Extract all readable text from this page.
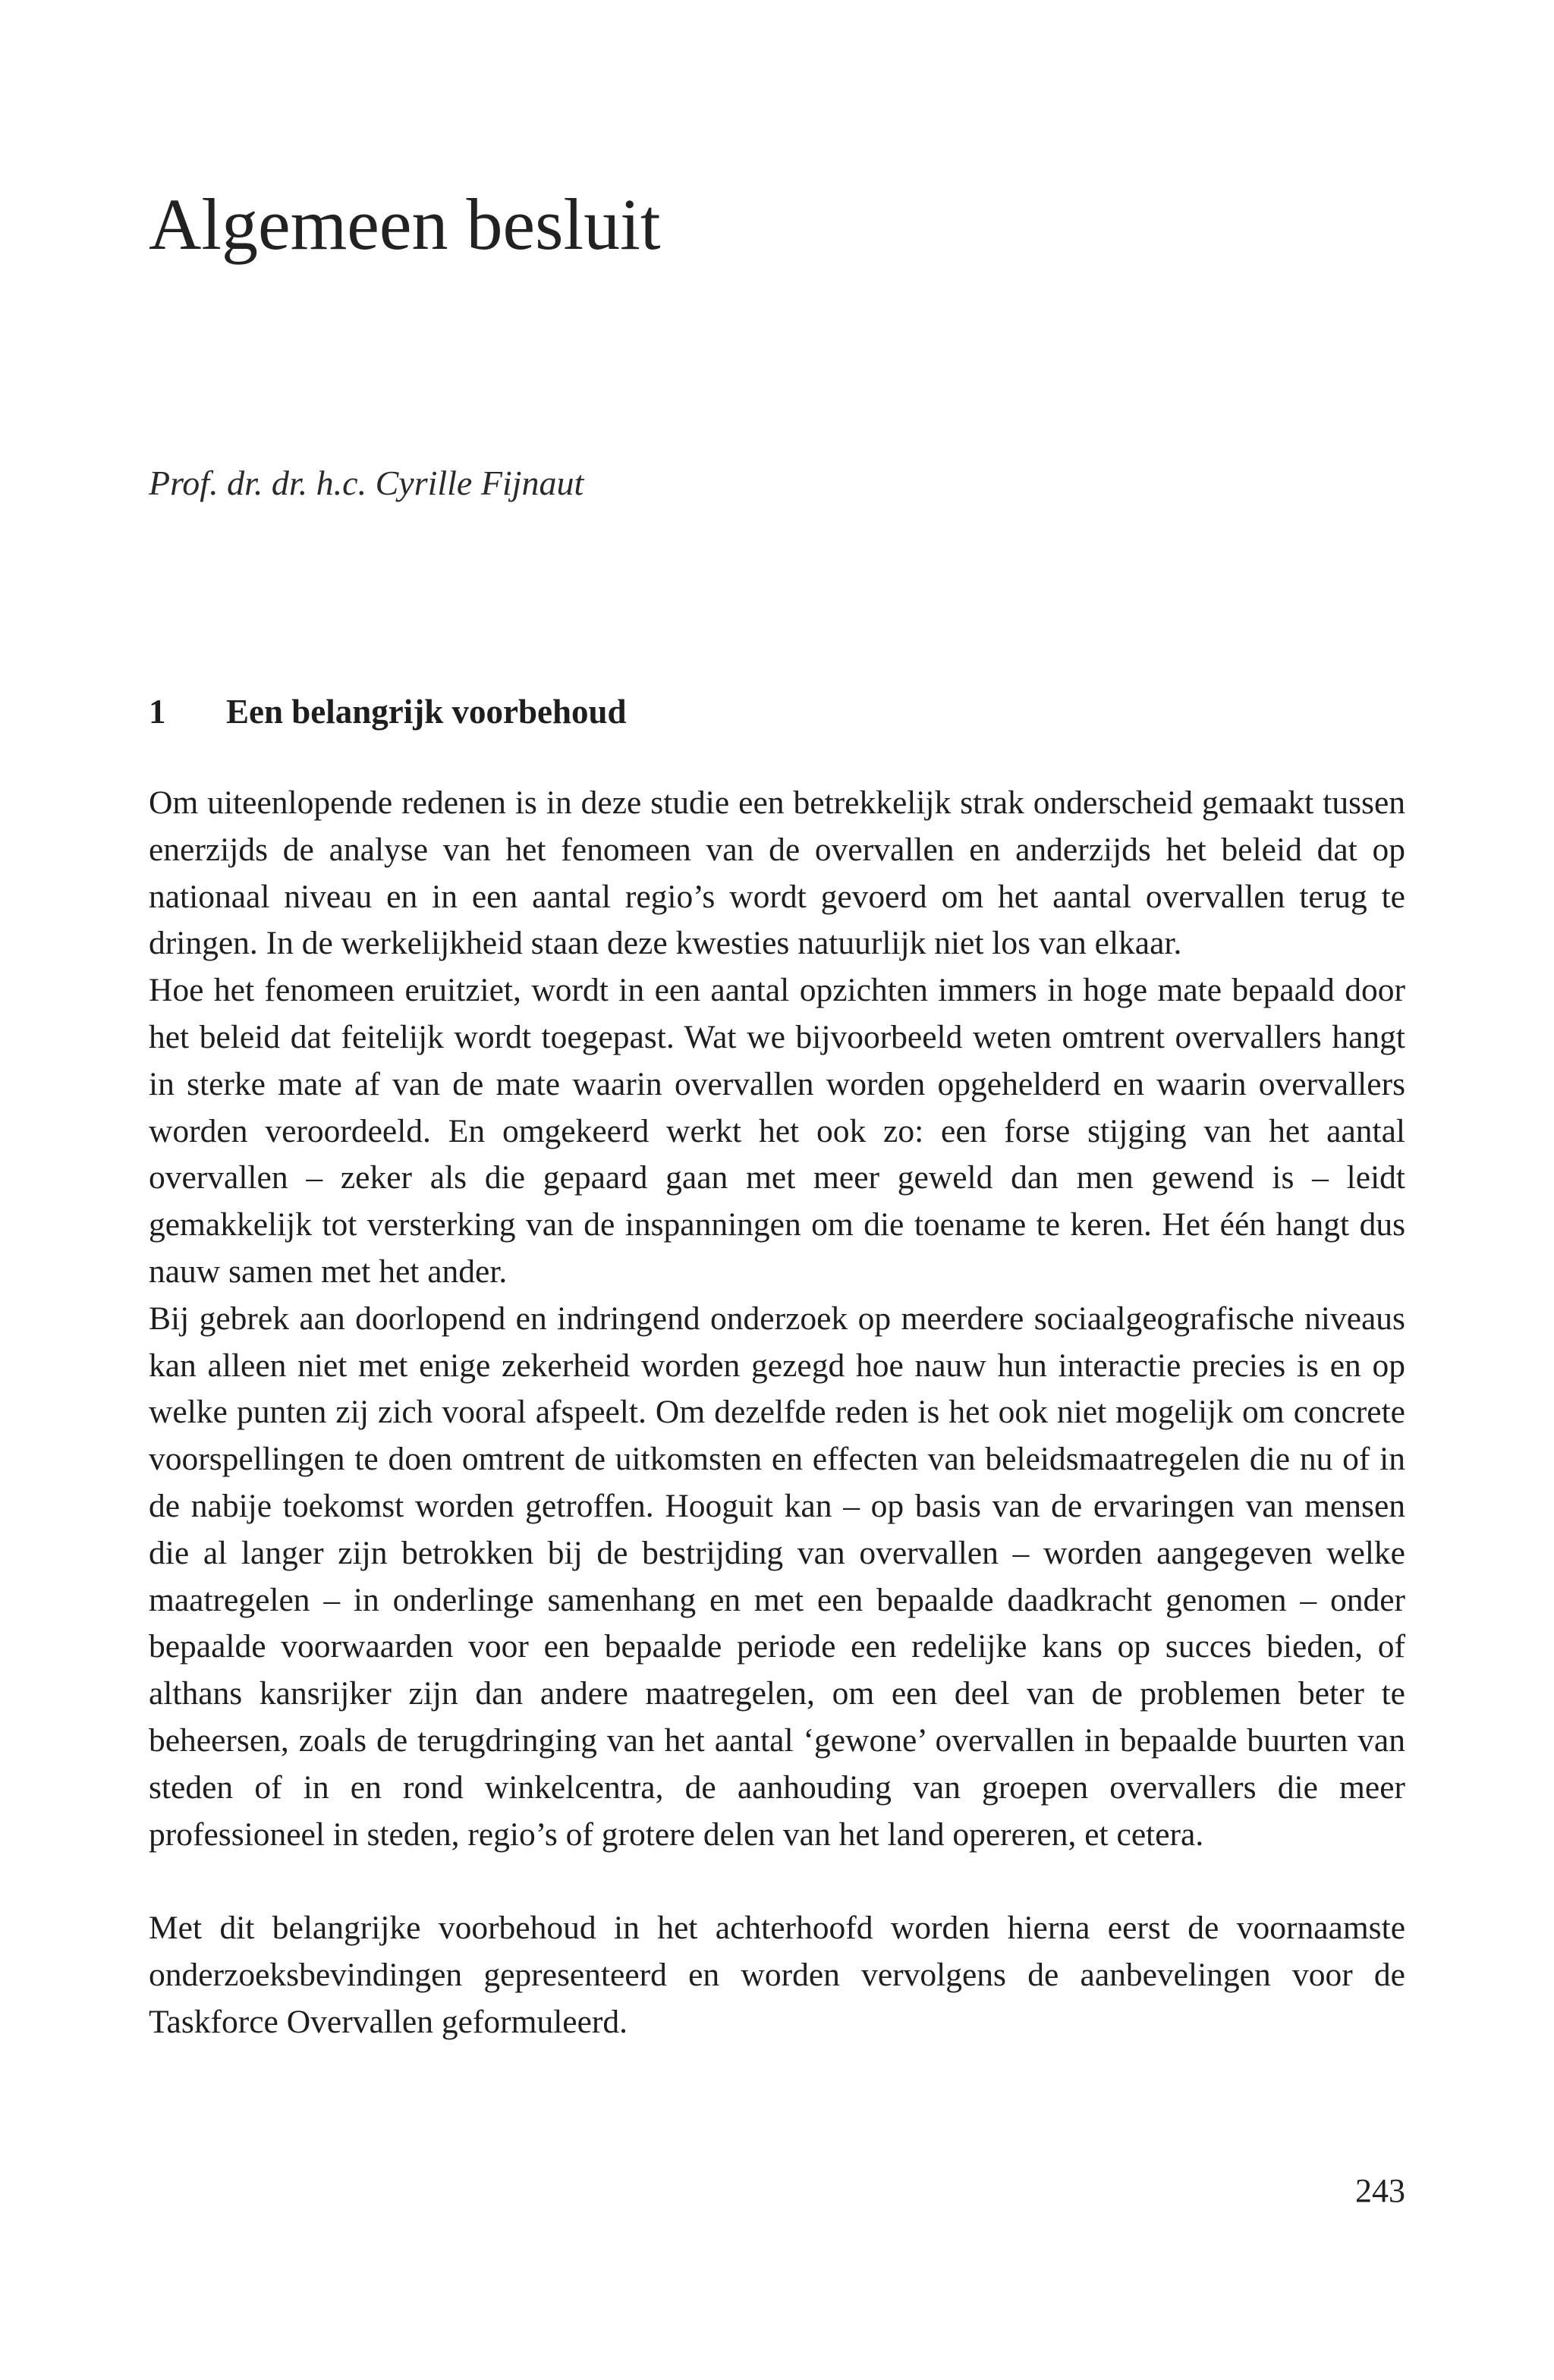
Algemeen besluit
Prof. dr. dr. h.c. Cyrille Fijnaut
1 Een belangrijk voorbehoud

Om uiteenlopende redenen is in deze studie een betrekkelijk strak onderscheid gemaakt tussen enerzijds de analyse van het fenomeen van de overvallen en anderzijds het beleid dat op nationaal niveau en in een aantal regio’s wordt gevoerd om het aantal overvallen terug te dringen. In de werkelijkheid staan deze kwesties natuurlijk niet los van elkaar.

Hoe het fenomeen eruitziet, wordt in een aantal opzichten immers in hoge mate bepaald door het beleid dat feitelijk wordt toegepast. Wat we bijvoorbeeld weten omtrent overvallers hangt in sterke mate af van de mate waarin overvallen worden opgehelderd en waarin overvallers worden veroordeeld. En omgekeerd werkt het ook zo: een forse stijging van het aantal overvallen – zeker als die gepaard gaan met meer geweld dan men gewend is – leidt gemakkelijk tot versterking van de inspanningen om die toename te keren. Het één hangt dus nauw samen met het ander.

Bij gebrek aan doorlopend en indringend onderzoek op meerdere sociaalgeografische niveaus kan alleen niet met enige zekerheid worden gezegd hoe nauw hun interactie precies is en op welke punten zij zich vooral afspeelt. Om dezelfde reden is het ook niet mogelijk om concrete voorspellingen te doen omtrent de uitkomsten en effecten van beleidsmaatregelen die nu of in de nabije toekomst worden getroffen. Hooguit kan – op basis van de ervaringen van mensen die al langer zijn betrokken bij de bestrijding van overvallen – worden aangegeven welke maatregelen – in onderlinge samenhang en met een bepaalde daadkracht genomen – onder bepaalde voorwaarden voor een bepaalde periode een redelijke kans op succes bieden, of althans kansrijker zijn dan andere maatregelen, om een deel van de problemen beter te beheersen, zoals de terugdringing van het aantal ‘gewone’ overvallen in bepaalde buurten van steden of in en rond winkelcentra, de aanhouding van groepen overvallers die meer professioneel in steden, regio’s of grotere delen van het land opereren, et cetera.

Met dit belangrijke voorbehoud in het achterhoofd worden hierna eerst de voornaamste onderzoeksbevindingen gepresenteerd en worden vervolgens de aanbevelingen voor de Taskforce Overvallen geformuleerd.

243
